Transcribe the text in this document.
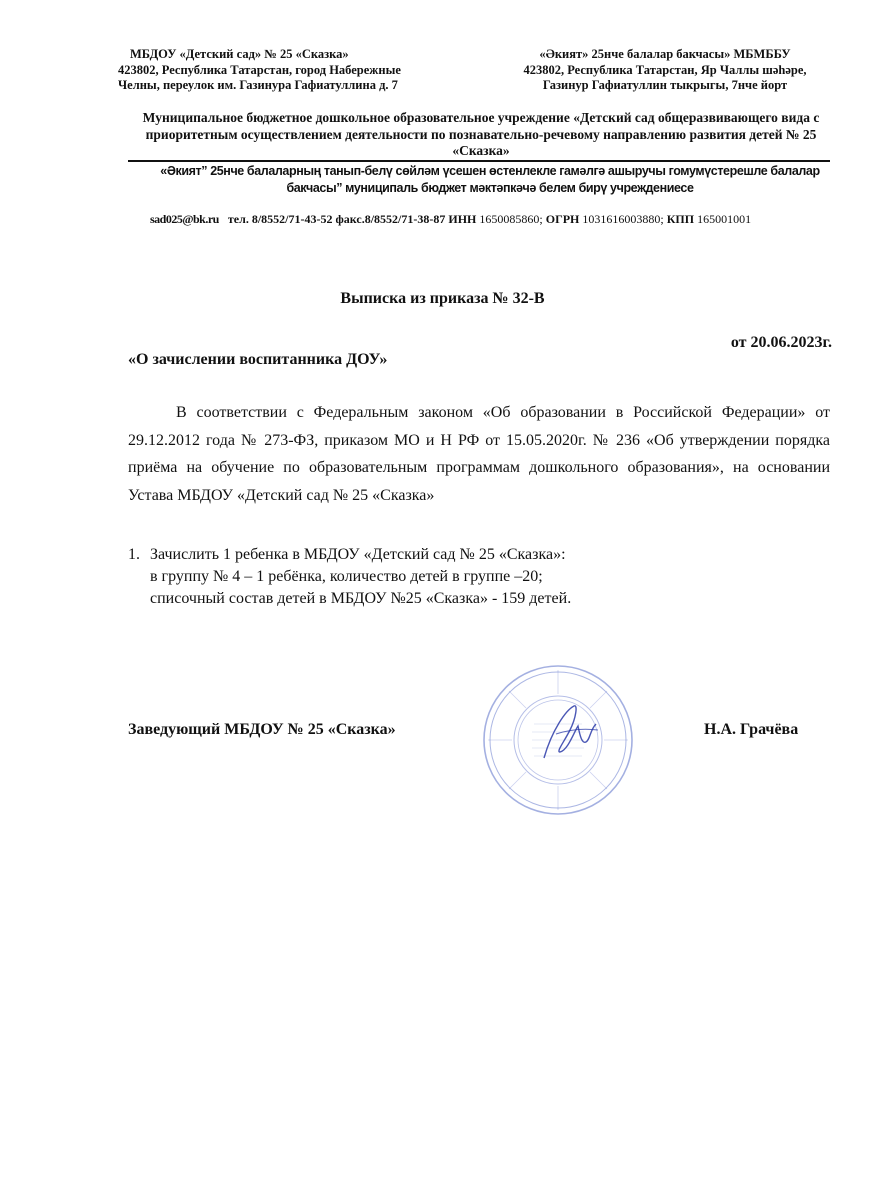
МБДОУ «Детский сад» № 25 «Сказка»
423802, Республика Татарстан, город Набережные
Челны, переулок им. Газинура Гафиатуллина д. 7
«Әкият» 25нче балалар бакчасы» МБМББУ
423802, Республика Татарстан, Яр Чаллы шәһәре,
Газинур Гафиатуллин тыкрыгы, 7нче йорт
Муниципальное бюджетное дошкольное образовательное учреждение «Детский сад общеразвивающего вида с приоритетным осуществлением деятельности по познавательно-речевому направлению развития детей № 25 «Сказка»
«Әкият” 25нче балаларның танып-белү сөйләм үсешен өстенлекле гамәлгә ашыручы гомумүстерешле балалар бакчасы” муниципаль бюджет мәктәпкәчә белем бирү учреждениесе
sad025@bk.ru тел. 8/8552/71-43-52 факс.8/8552/71-38-87 ИНН 1650085860; ОГРН 1031616003880; КПП 165001001
Выписка из приказа № 32-В
от 20.06.2023г.
«О зачислении воспитанника ДОУ»
В соответствии с Федеральным законом «Об образовании в Российской Федерации» от 29.12.2012 года № 273-ФЗ, приказом МО и Н РФ от 15.05.2020г. № 236 «Об утверждении порядка приёма на обучение по образовательным программам дошкольного образования», на основании Устава МБДОУ «Детский сад № 25 «Сказка»
1. Зачислить 1 ребенка в МБДОУ «Детский сад № 25 «Сказка»:
в группу № 4 – 1 ребёнка, количество детей в группе –20;
списочный состав детей в МБДОУ №25 «Сказка» - 159 детей.
Заведующий МБДОУ № 25 «Сказка»	Н.А. Грачёва
